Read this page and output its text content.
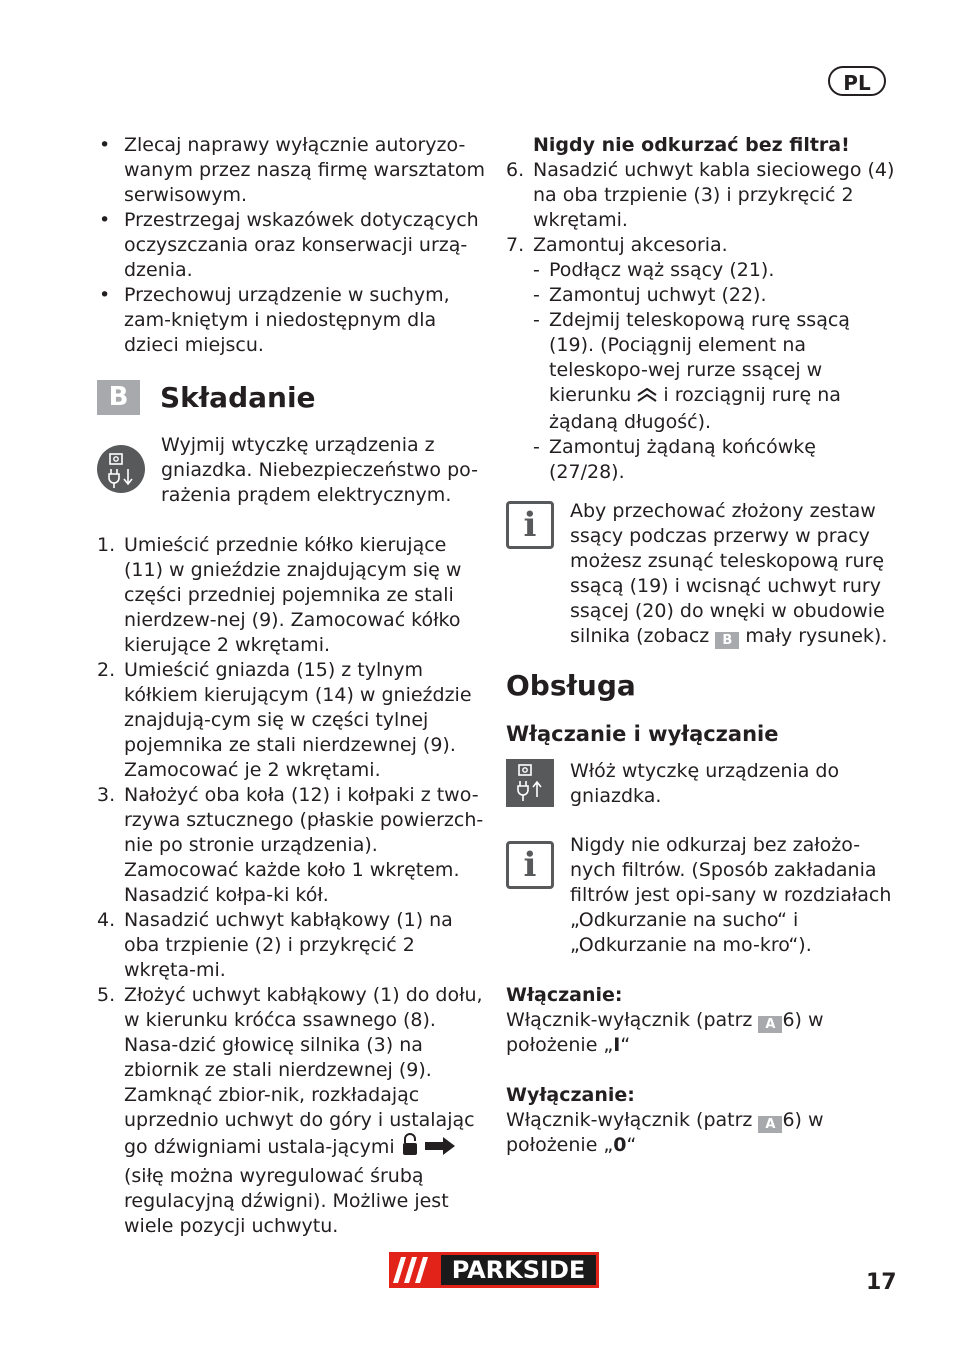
PL
• Zlecaj naprawy wyłącznie autoryzo-wanym przez naszą firmę warsztatom serwisowym.
• Przestrzegaj wskazówek dotyczących oczyszczania oraz konserwacji urzą-dzenia.
• Przechowuj urządzenie w suchym, zam-kniętym i niedostępnym dla dzieci miejscu.
B	Składanie
Wyjmij wtyczkę urządzenia z gniazdka. Niebezpieczeństwo po-rażenia prądem elektrycznym.
1. Umieścić przednie kółko kierujące (11) w gnieździe znajdującym się w części przedniej pojemnika ze stali nierdzew-nej (9). Zamocować kółko kierujące 2 wkrętami.
2. Umieścić gniazda (15) z tylnym kółkiem kierującym (14) w gnieździe znajdują-cym się w części tylnej pojemnika ze stali nierdzewnej (9). Zamocować je 2 wkrętami.
3. Nałożyć oba koła (12) i kołpaki z two-rzywa sztucznego (płaskie powierzch-nie po stronie urządzenia). Zamocować każde koło 1 wkrętem. Nasadzić kołpa-ki kół.
4. Nasadzić uchwyt kabłąkowy (1) na oba trzpienie (2) i przykręcić 2 wkręta-mi.
5. Złożyć uchwyt kabłąkowy (1) do dołu, w kierunku króćca ssawnego (8). Nasa-dzić głowicę silnika (3) na zbiornik ze stali nierdzewnej (9). Zamknąć zbior-nik, rozkładając uprzednio uchwyt do góry i ustalając go dźwigniami ustala-jącymi   (siłę można wyregulować śrubą regulacyjną dźwigni). Możliwe jest wiele pozycji uchwytu.
Nigdy nie odkurzać bez filtra!
6. Nasadzić uchwyt kabla sieciowego (4) na oba trzpienie (3) i przykręcić 2 wkrętami.
7. Zamontuj akcesoria.
- Podłącz wąż ssący (21).
- Zamontuj uchwyt (22).
- Zdejmij teleskopową rurę ssącą (19). (Pociągnij element na teleskopo-wej rurze ssącej w kierunku i rozciągnij rurę na żądaną długość).
- Zamontuj żądaną końcówkę (27/28).
i	Aby przechować złożony zestaw ssący podczas przerwy w pracy możesz zsunąć teleskopową rurę ssącą (19) i wcisnąć uchwyt rury ssącej (20) do wnęki w obudowie silnika (zobacz B mały rysunek).
Obsługa
Włączanie i wyłączanie
Włóż wtyczkę urządzenia do gniazdka.
i	Nigdy nie odkurzaj bez założo-nych filtrów. (Sposób zakładania filtrów jest opi-sany w rozdziałach „Odkurzanie na sucho“ i „Odkurzanie na mo-kro“).
Włączanie:
Włącznik-wyłącznik (patrz A 6) w położenie „I“
Wyłączanie:
Włącznik-wyłącznik (patrz A 6) w położenie „0“
PARKSIDE	17
